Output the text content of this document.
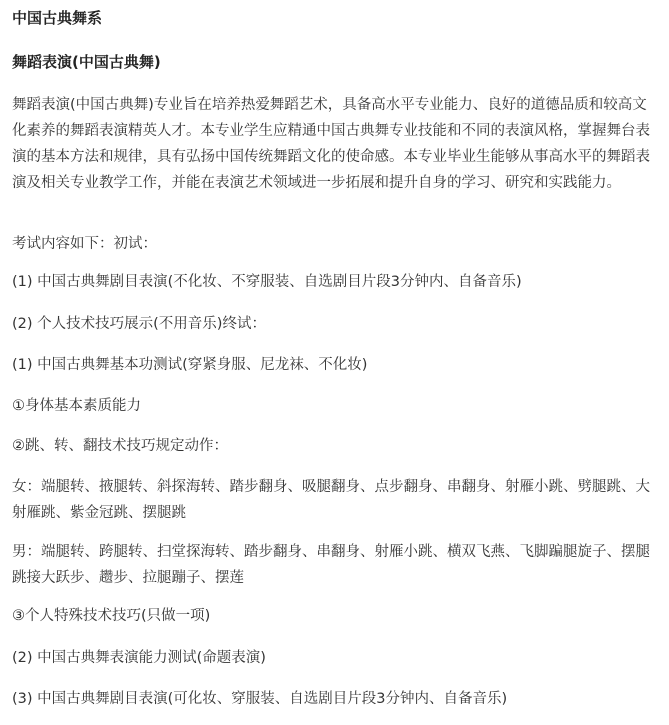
中国古典舞系
舞蹈表演(中国古典舞)
舞蹈表演(中国古典舞)专业旨在培养热爱舞蹈艺术，具备高水平专业能力、良好的道德品质和较高文化素养的舞蹈表演精英人才。本专业学生应精通中国古典舞专业技能和不同的表演风格，掌握舞台表演的基本方法和规律，具有弘扬中国传统舞蹈文化的使命感。本专业毕业生能够从事高水平的舞蹈表演及相关专业教学工作，并能在表演艺术领域进一步拓展和提升自身的学习、研究和实践能力。
考试内容如下：初试：
(1) 中国古典舞剧目表演(不化妆、不穿服装、自选剧目片段3分钟内、自备音乐)
(2) 个人技术技巧展示(不用音乐)终试：
(1) 中国古典舞基本功测试(穿紧身服、尼龙袜、不化妆)
①身体基本素质能力
②跳、转、翻技术技巧规定动作：
女：端腿转、掖腿转、斜探海转、踏步翻身、吸腿翻身、点步翻身、串翻身、射雁小跳、劈腿跳、大射雁跳、紫金冠跳、摆腿跳
男：端腿转、跨腿转、扫堂探海转、踏步翻身、串翻身、射雁小跳、横双飞燕、飞脚蹁腿旋子、摆腿跳接大跃步、趱步、拉腿蹦子、摆莲
③个人特殊技术技巧(只做一项)
(2) 中国古典舞表演能力测试(命题表演)
(3) 中国古典舞剧目表演(可化妆、穿服装、自选剧目片段3分钟内、自备音乐)
